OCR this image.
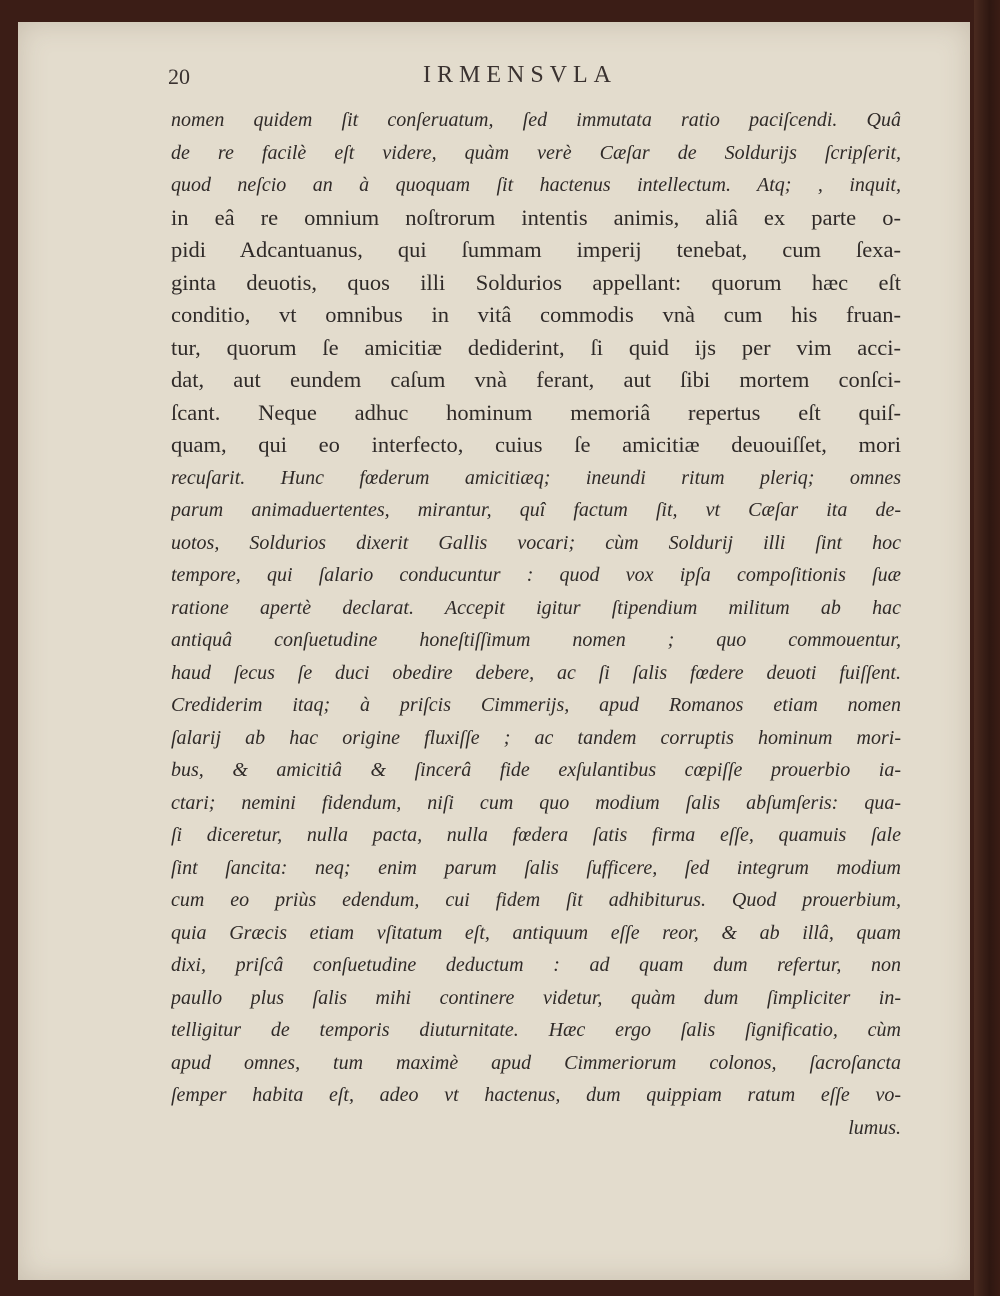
20	IRMENSVLA
nomen quidem ſit conſeruatum, ſed immutata ratio paciſcendi. Quâ
de re facilè eſt videre, quàm verè Cæſar de Soldurijs ſcripſerit,
quod neſcio an à quoquam ſit hactenus intellectum. Atq; , inquit,
in eâ re omnium noſtrorum intentis animis, aliâ ex parte o-
pidi Adcantuanus, qui ſummam imperij tenebat, cum ſexa-
ginta deuotis, quos illi Soldurios appellant: quorum hæc eſt
conditio, vt omnibus in vitâ commodis vnà cum his fruan-
tur, quorum ſe amicitiæ dediderint, ſi quid ijs per vim acci-
dat, aut eundem caſum vnà ferant, aut ſibi mortem conſci-
ſcant. Neque adhuc hominum memoriâ repertus eſt quiſ-
quam, qui eo interfecto, cuius ſe amicitiæ deuouiſſet, mori
recuſarit. Hunc fœderum amicitiæq; ineundi ritum pleriq; omnes
parum animaduertentes, mirantur, quî factum ſit, vt Cæſar ita de-
uotos, Soldurios dixerit Gallis vocari; cùm Soldurij illi ſint hoc
tempore, qui ſalario conducuntur : quod vox ipſa compoſitionis ſuæ
ratione apertè declarat. Accepit igitur ſtipendium militum ab hac
antiquâ conſuetudine honeſtiſſimum nomen ; quo commouentur,
haud ſecus ſe duci obedire debere, ac ſi ſalis fœdere deuoti fuiſſent.
Crediderim itaq; à priſcis Cimmerijs, apud Romanos etiam nomen
ſalarij ab hac origine fluxiſſe ; ac tandem corruptis hominum mori-
bus, & amicitiâ & ſincerâ fide exſulantibus cœpiſſe prouerbio ia-
ctari; nemini fidendum, niſi cum quo modium ſalis abſumſeris: qua-
ſi diceretur, nulla pacta, nulla fœdera ſatis firma eſſe, quamuis ſale
ſint ſancita: neq; enim parum ſalis ſufficere, ſed integrum modium
cum eo priùs edendum, cui fidem ſit adhibiturus. Quod prouerbium,
quia Græcis etiam vſitatum eſt, antiquum eſſe reor, & ab illâ, quam
dixi, priſcâ conſuetudine deductum : ad quam dum refertur, non
paullo plus ſalis mihi continere videtur, quàm dum ſimpliciter in-
telligitur de temporis diuturnitate. Hæc ergo ſalis ſignificatio, cùm
apud omnes, tum maximè apud Cimmeriorum colonos, ſacroſancta
ſemper habita eſt, adeo vt hactenus, dum quippiam ratum eſſe vo-
lumus.
